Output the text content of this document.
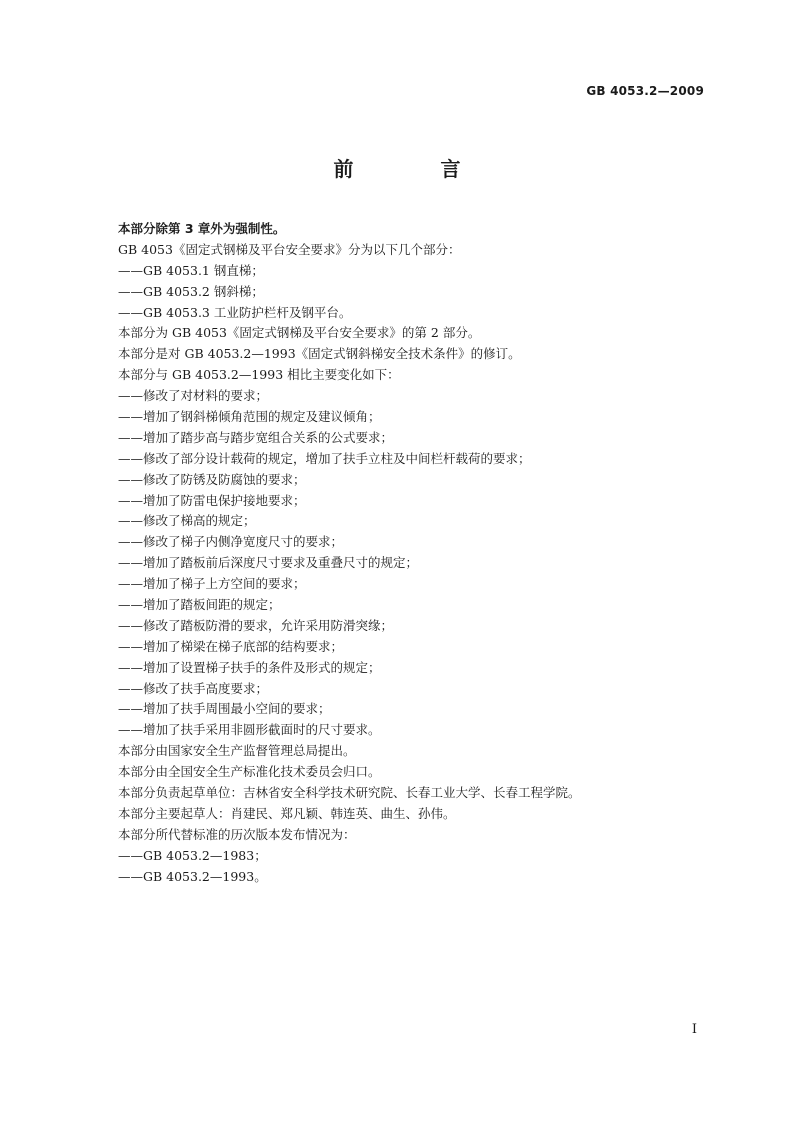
GB 4053.2—2009
前 言
本部分除第 3 章外为强制性。
GB 4053《固定式钢梯及平台安全要求》分为以下几个部分：
——GB 4053.1 钢直梯；
——GB 4053.2 钢斜梯；
——GB 4053.3 工业防护栏杆及钢平台。
本部分为 GB 4053《固定式钢梯及平台安全要求》的第 2 部分。
本部分是对 GB 4053.2—1993《固定式钢斜梯安全技术条件》的修订。
本部分与 GB 4053.2—1993 相比主要变化如下：
——修改了对材料的要求；
——增加了钢斜梯倾角范围的规定及建议倾角；
——增加了踏步高与踏步宽组合关系的公式要求；
——修改了部分设计载荷的规定，增加了扶手立柱及中间栏杆载荷的要求；
——修改了防锈及防腐蚀的要求；
——增加了防雷电保护接地要求；
——修改了梯高的规定；
——修改了梯子内侧净宽度尺寸的要求；
——增加了踏板前后深度尺寸要求及重叠尺寸的规定；
——增加了梯子上方空间的要求；
——增加了踏板间距的规定；
——修改了踏板防滑的要求，允许采用防滑突缘；
——增加了梯梁在梯子底部的结构要求；
——增加了设置梯子扶手的条件及形式的规定；
——修改了扶手高度要求；
——增加了扶手周围最小空间的要求；
——增加了扶手采用非圆形截面时的尺寸要求。
本部分由国家安全生产监督管理总局提出。
本部分由全国安全生产标准化技术委员会归口。
本部分负责起草单位：吉林省安全科学技术研究院、长春工业大学、长春工程学院。
本部分主要起草人：肖建民、郑凡颖、韩连英、曲生、孙伟。
本部分所代替标准的历次版本发布情况为：
——GB 4053.2—1983；
——GB 4053.2—1993。
I
